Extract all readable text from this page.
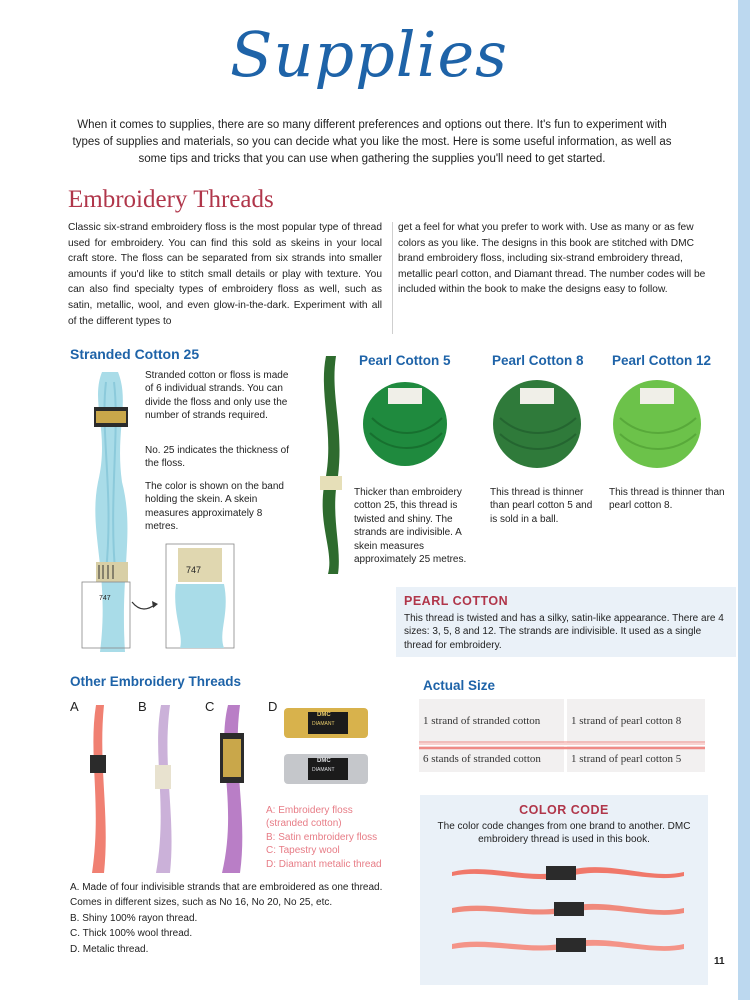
Supplies
When it comes to supplies, there are so many different preferences and options out there. It's fun to experiment with types of supplies and materials, so you can decide what you like the most. Here is some useful information, as well as some tips and tricks that you can use when gathering the supplies you'll need to get started.
Embroidery Threads
Classic six-strand embroidery floss is the most popular type of thread used for embroidery. You can find this sold as skeins in your local craft store. The floss can be separated from six strands into smaller amounts if you'd like to stitch small details or play with texture. You can also find specialty types of embroidery floss as well, such as satin, metallic, wool, and even glow-in-the-dark. Experiment with all of the different types to
get a feel for what you prefer to work with. Use as many or as few colors as you like. The designs in this book are stitched with DMC brand embroidery floss, including six-strand embroidery thread, metallic pearl cotton, and Diamant thread. The number codes will be included within the book to make the designs easy to follow.
Stranded Cotton 25
Stranded cotton or floss is made of 6 individual strands. You can divide the floss and only use the number of strands required.
No. 25 indicates the thickness of the floss.
The color is shown on the band holding the skein. A skein measures approximately 8 metres.
747
747
Pearl Cotton 5	Pearl Cotton 8 Pearl Cotton 12
Thicker than embroidery cotton 25, this thread is twisted and shiny. The strands are indivisible. A skein measures approximately 25 metres.
This thread is thinner than pearl cotton 5 and is sold in a ball.
This thread is thinner than pearl cotton 8.
PEARL COTTON
This thread is twisted and has a silky, satin-like appearance. There are 4 sizes: 3, 5, 8 and 12. The strands are indivisible. It used as a single thread for embroidery.
Other Embroidery Threads
A	B	C	D
DMC
DIAMANT
DMC
DIAMANT
A: Embroidery floss
(stranded cotton)
B: Satin embroidery floss
C: Tapestry wool
D: Diamant metalic thread
A. Made of four indivisible strands that are embroidered as one thread.
Comes in different sizes, such as No 16, No 20, No 25, etc.
B. Shiny 100% rayon thread.
C. Thick 100% wool thread.
D. Metalic thread.
Actual Size
1 strand of stranded cotton	1 strand of pearl cotton 8
6 stands of stranded cotton	1 strand of pearl cotton 5
COLOR CODE
The color code changes from one brand to another. DMC embroidery thread is used in this book.
11
